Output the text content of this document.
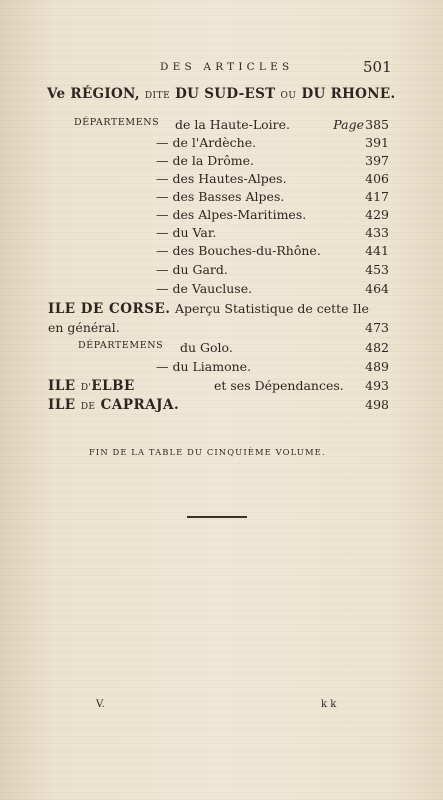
DES ARTICLES	501
Ve RÉGION, DITE DU SUD-EST OU DU RHONE.
DÉPARTEMENS de la Haute-Loire.	Page 385
— de l'Ardèche.	391
— de la Drôme.	397
— des Hautes-Alpes.	406
— des Basses Alpes.	417
— des Alpes-Maritimes.	429
— du Var.	433
— des Bouches-du-Rhône.	441
— du Gard.	453
— de Vaucluse.	464
ILE DE CORSE. Aperçu Statistique de cette Ile
en général.	473
DÉPARTEMENS du Golo.	482
— du Liamone.	489
ILE D'ELBE	et ses Dépendances. 493
ILE DE CAPRAJA.	498
FIN DE LA TABLE DU CINQUIÈME VOLUME.
V.	k k
